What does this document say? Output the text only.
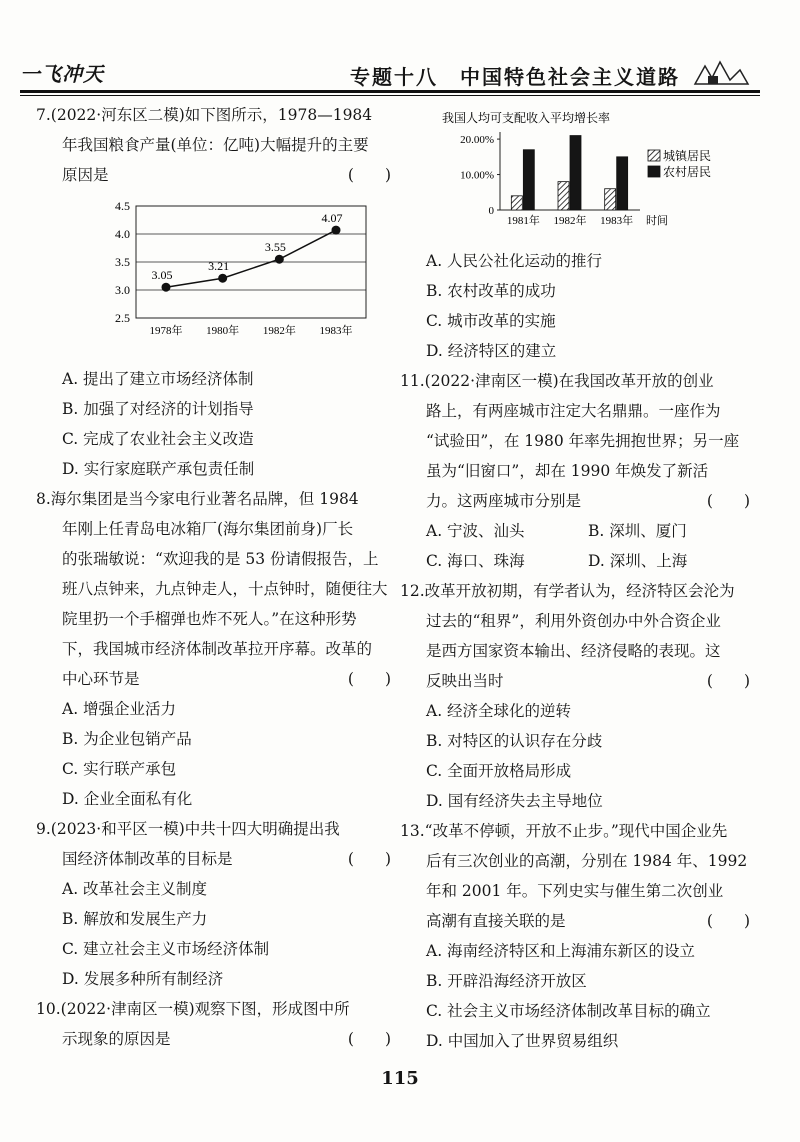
一飞冲天	专题十八　中国特色社会主义道路
7.(2022·河东区二模)如下图所示，1978—1984
年我国粮食产量(单位：亿吨)大幅提升的主要
原因是	(　　)
2.5
3.0
3.5
4.0
4.5
3.05
1978年
3.21
1980年
3.55
1982年
4.07
1983年
A. 提出了建立市场经济体制
B. 加强了对经济的计划指导
C. 完成了农业社会主义改造
D. 实行家庭联产承包责任制
8.海尔集团是当今家电行业著名品牌，但 1984
年刚上任青岛电冰箱厂(海尔集团前身)厂长
的张瑞敏说：“欢迎我的是 53 份请假报告，上
班八点钟来，九点钟走人，十点钟时，随便往大
院里扔一个手榴弹也炸不死人。”在这种形势
下，我国城市经济体制改革拉开序幕。改革的
中心环节是	(　　)
A. 增强企业活力
B. 为企业包销产品
C. 实行联产承包
D. 企业全面私有化
9.(2023·和平区一模)中共十四大明确提出我
国经济体制改革的目标是	(　　)
A. 改革社会主义制度
B. 解放和发展生产力
C. 建立社会主义市场经济体制
D. 发展多种所有制经济
10.(2022·津南区一模)观察下图，形成图中所
示现象的原因是	(　　)
我国人均可支配收入平均增长率
0
10.00%
20.00%
1981年 1982年 1983年 时间
城镇居民
农村居民
A. 人民公社化运动的推行
B. 农村改革的成功
C. 城市改革的实施
D. 经济特区的建立
11.(2022·津南区一模)在我国改革开放的创业
路上，有两座城市注定大名鼎鼎。一座作为
“试验田”，在 1980 年率先拥抱世界；另一座
虽为“旧窗口”，却在 1990 年焕发了新活
力。这两座城市分别是	(　　)
A. 宁波、汕头	B. 深圳、厦门
C. 海口、珠海	D. 深圳、上海
12.改革开放初期，有学者认为，经济特区会沦为
过去的“租界”，利用外资创办中外合资企业
是西方国家资本输出、经济侵略的表现。这
反映出当时	(　　)
A. 经济全球化的逆转
B. 对特区的认识存在分歧
C. 全面开放格局形成
D. 国有经济失去主导地位
13.“改革不停顿，开放不止步。”现代中国企业先
后有三次创业的高潮，分别在 1984 年、1992
年和 2001 年。下列史实与催生第二次创业
高潮有直接关联的是	(　　)
A. 海南经济特区和上海浦东新区的设立
B. 开辟沿海经济开放区
C. 社会主义市场经济体制改革目标的确立
D. 中国加入了世界贸易组织
115
